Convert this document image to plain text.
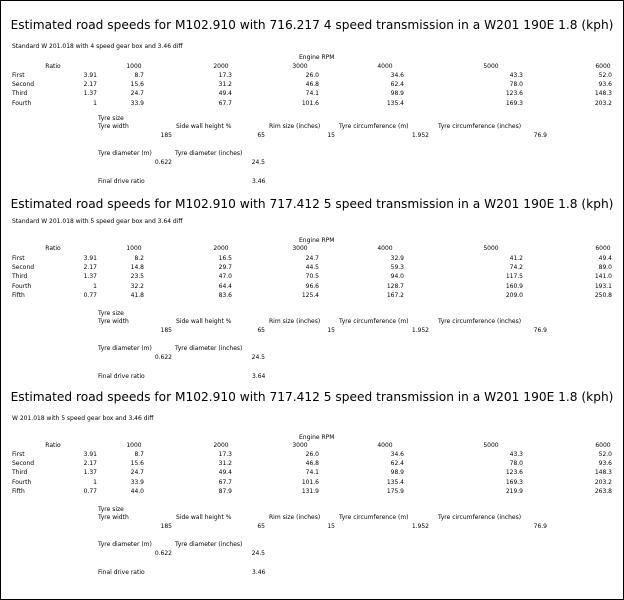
Estimated road speeds for M102.910 with 716.217 4 speed transmission in a W201 190E 1.8 (kph)
Standard W 201.018 with 4 speed gear box and 3.46 diff
Engine RPM
Ratio	1000	2000	3000	4000	5000	6000
First	3.91	8.7	17.3	26.0	34.6	43.3	52.0
Second	2.17	15.6	31.2	46.8	62.4	78.0	93.6
Third	1.37	24.7	49.4	74.1	98.9	123.6	148.3
Fourth	1	33.9	67.7	101.6	135.4	169.3	203.2
Tyre size
Tyre width	Side wall height %	Rim size (inches)	Tyre circumference (m)	Tyre circumference (inches)
185	65	15	1.952	76.9
Tyre diameter (m)	Tyre diameter (inches)
0.622	24.5
Final drive ratio	3.46
Estimated road speeds for M102.910 with 717.412 5 speed transmission in a W201 190E 1.8 (kph)
Standard W 201.018 with 5 speed gear box and 3.64 diff
Engine RPM
Ratio	1000	2000	3000	4000	5000	6000
First	3.91	8.2	16.5	24.7	32.9	41.2	49.4
Second	2.17	14.8	29.7	44.5	59.3	74.2	89.0
Third	1.37	23.5	47.0	70.5	94.0	117.5	141.0
Fourth	1	32.2	64.4	96.6	128.7	160.9	193.1
Fifth	0.77	41.8	83.6	125.4	167.2	209.0	250.8
Tyre size
Tyre width	Side wall height %	Rim size (inches)	Tyre circumference (m)	Tyre circumference (inches)
185	65	15	1.952	76.9
Tyre diameter (m)	Tyre diameter (inches)
0.622	24.5
Final drive ratio	3.64
Estimated road speeds for M102.910 with 717.412 5 speed transmission in a W201 190E 1.8 (kph)
W 201.018 with 5 speed gear box and 3.46 diff
Engine RPM
Ratio	1000	2000	3000	4000	5000	6000
First	3.91	8.7	17.3	26.0	34.6	43.3	52.0
Second	2.17	15.6	31.2	46.8	62.4	78.0	93.6
Third	1.37	24.7	49.4	74.1	98.9	123.6	148.3
Fourth	1	33.9	67.7	101.6	135.4	169.3	203.2
Fifth	0.77	44.0	87.9	131.9	175.9	219.9	263.8
Tyre size
Tyre width	Side wall height %	Rim size (inches)	Tyre circumference (m)	Tyre circumference (inches)
185	65	15	1.952	76.9
Tyre diameter (m)	Tyre diameter (inches)
0.622	24.5
Final drive ratio	3.46
